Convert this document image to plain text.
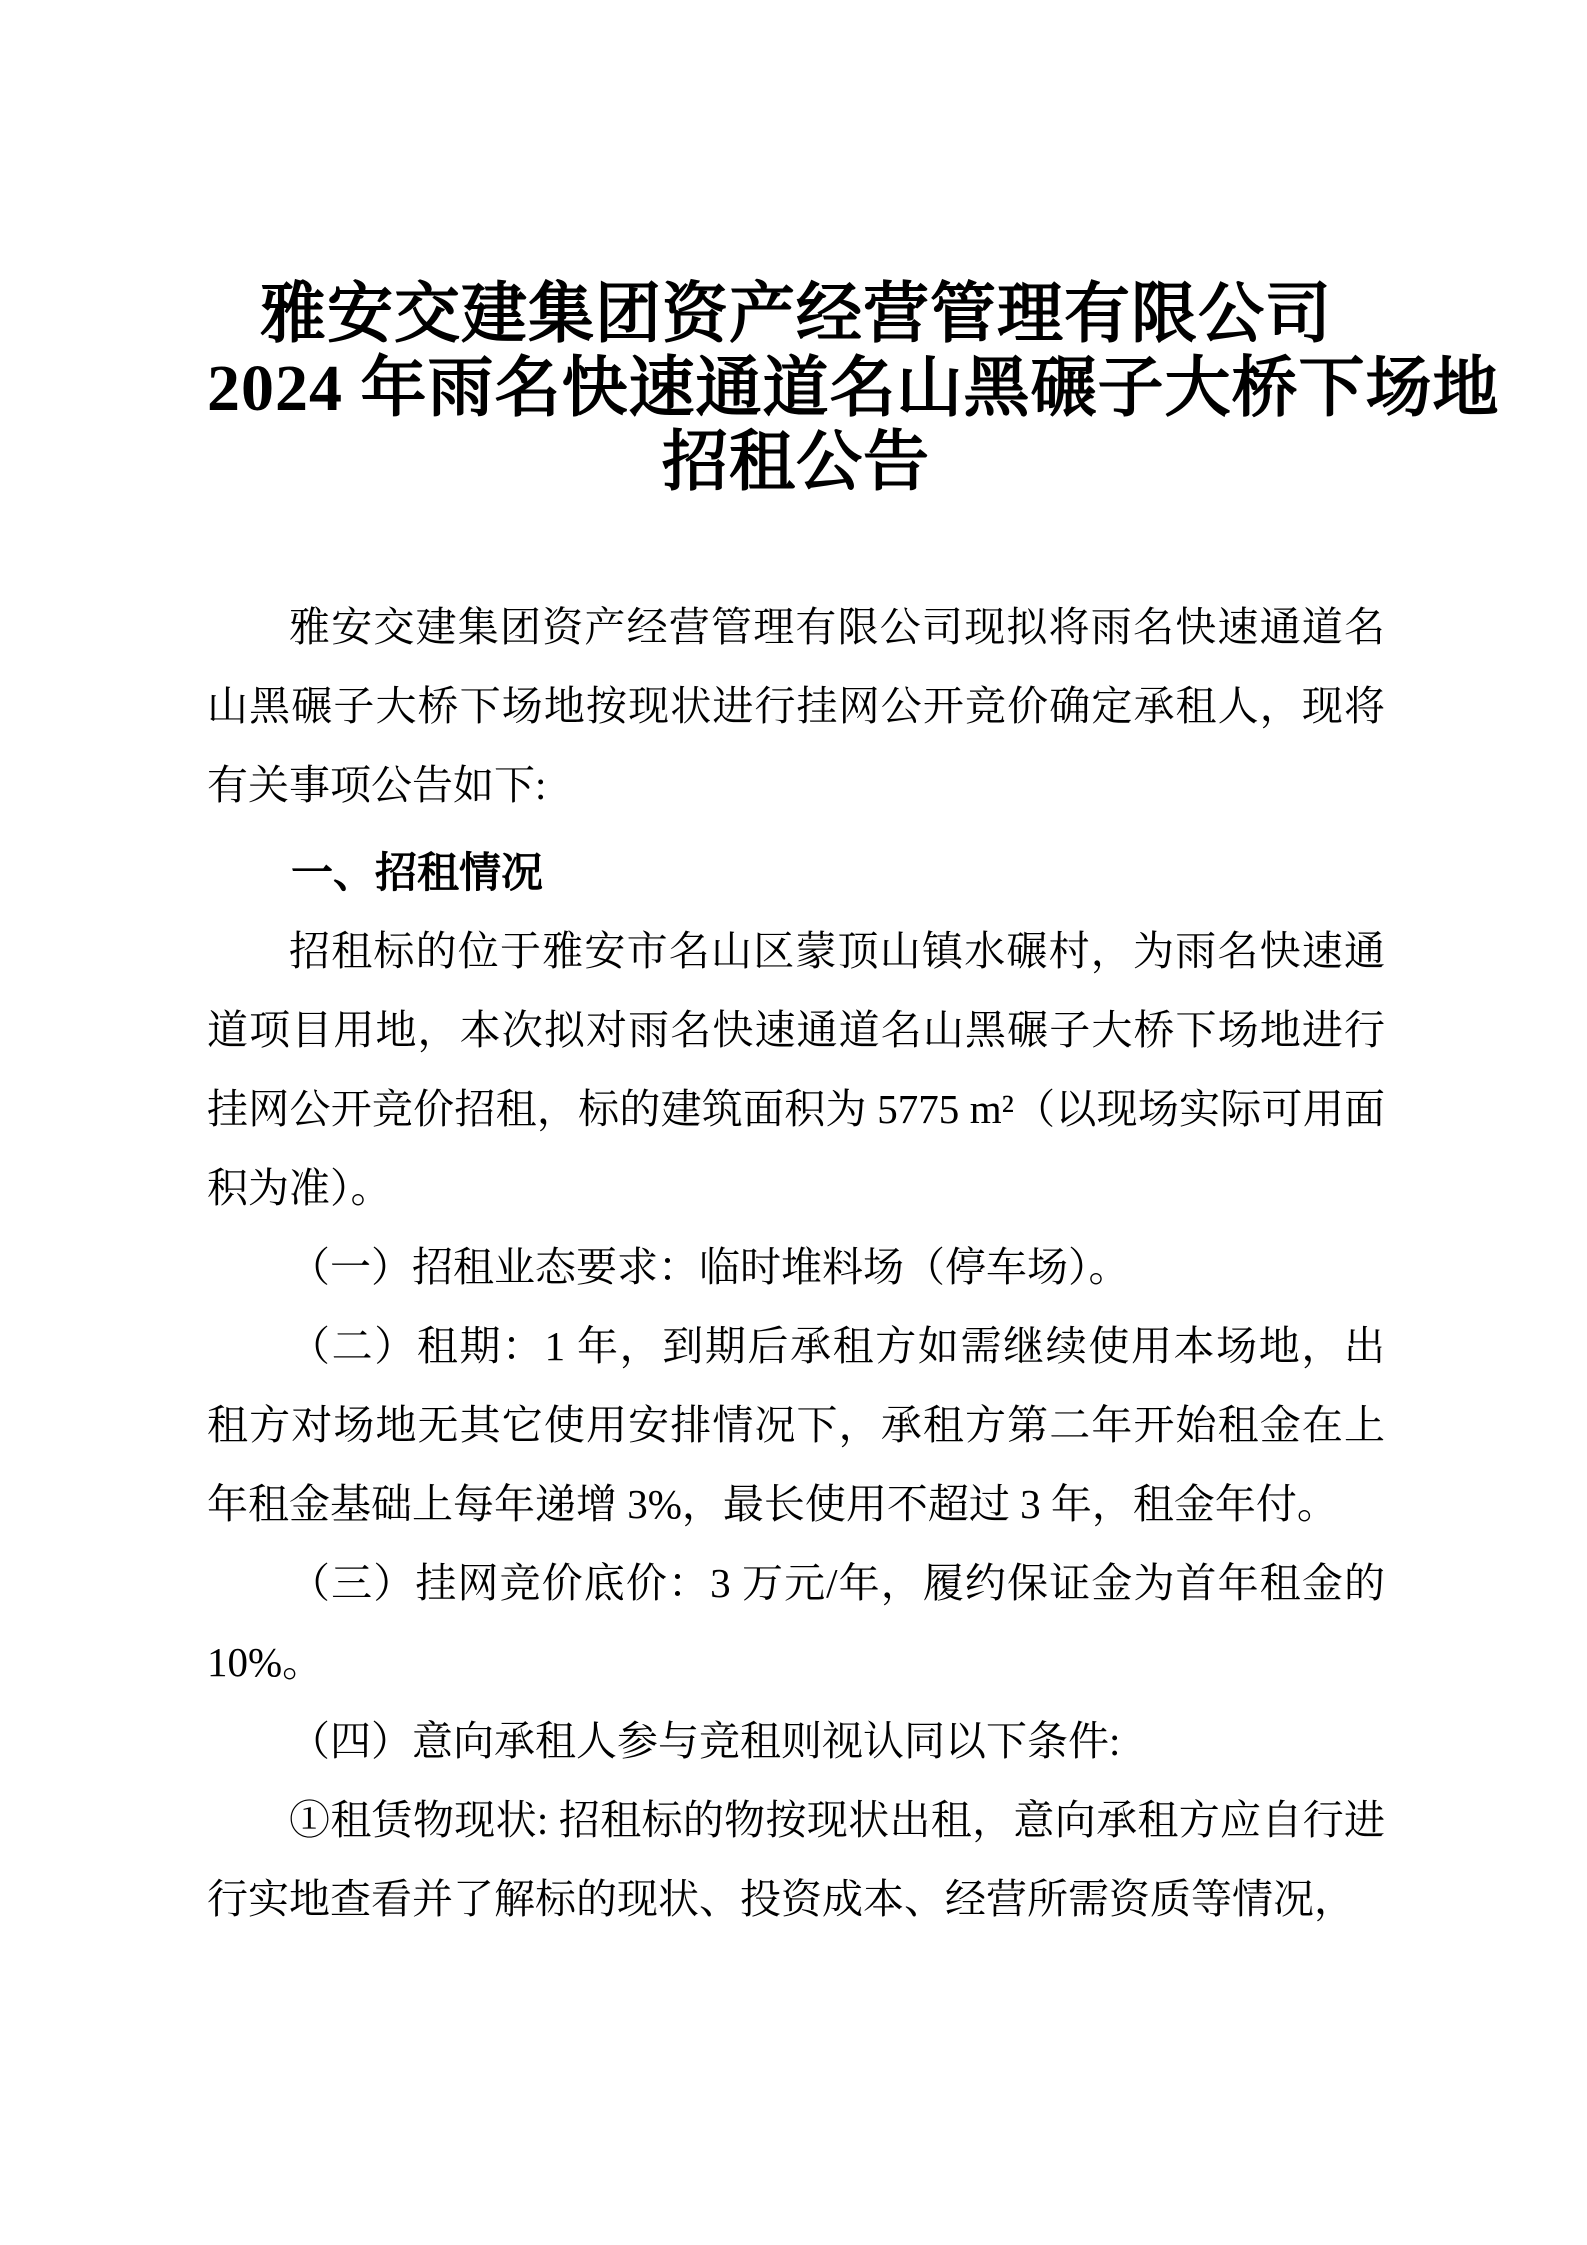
雅安交建集团资产经营管理有限公司
2024 年雨名快速通道名山黑碾子大桥下场地
招租公告

雅安交建集团资产经营管理有限公司现拟将雨名快速通道名山黑碾子大桥下场地按现状进行挂网公开竞价确定承租人，现将有关事项公告如下:

一、招租情况

招租标的位于雅安市名山区蒙顶山镇水碾村，为雨名快速通道项目用地，本次拟对雨名快速通道名山黑碾子大桥下场地进行挂网公开竞价招租，标的建筑面积为 5775 m²（以现场实际可用面积为准）。

（一）招租业态要求：临时堆料场（停车场）。

（二）租期：1 年，到期后承租方如需继续使用本场地，出租方对场地无其它使用安排情况下，承租方第二年开始租金在上年租金基础上每年递增 3%，最长使用不超过 3 年，租金年付。

（三）挂网竞价底价：3 万元/年，履约保证金为首年租金的 10%。

（四）意向承租人参与竞租则视认同以下条件:

①租赁物现状: 招租标的物按现状出租，意向承租方应自行进行实地查看并了解标的现状、投资成本、经营所需资质等情况，
